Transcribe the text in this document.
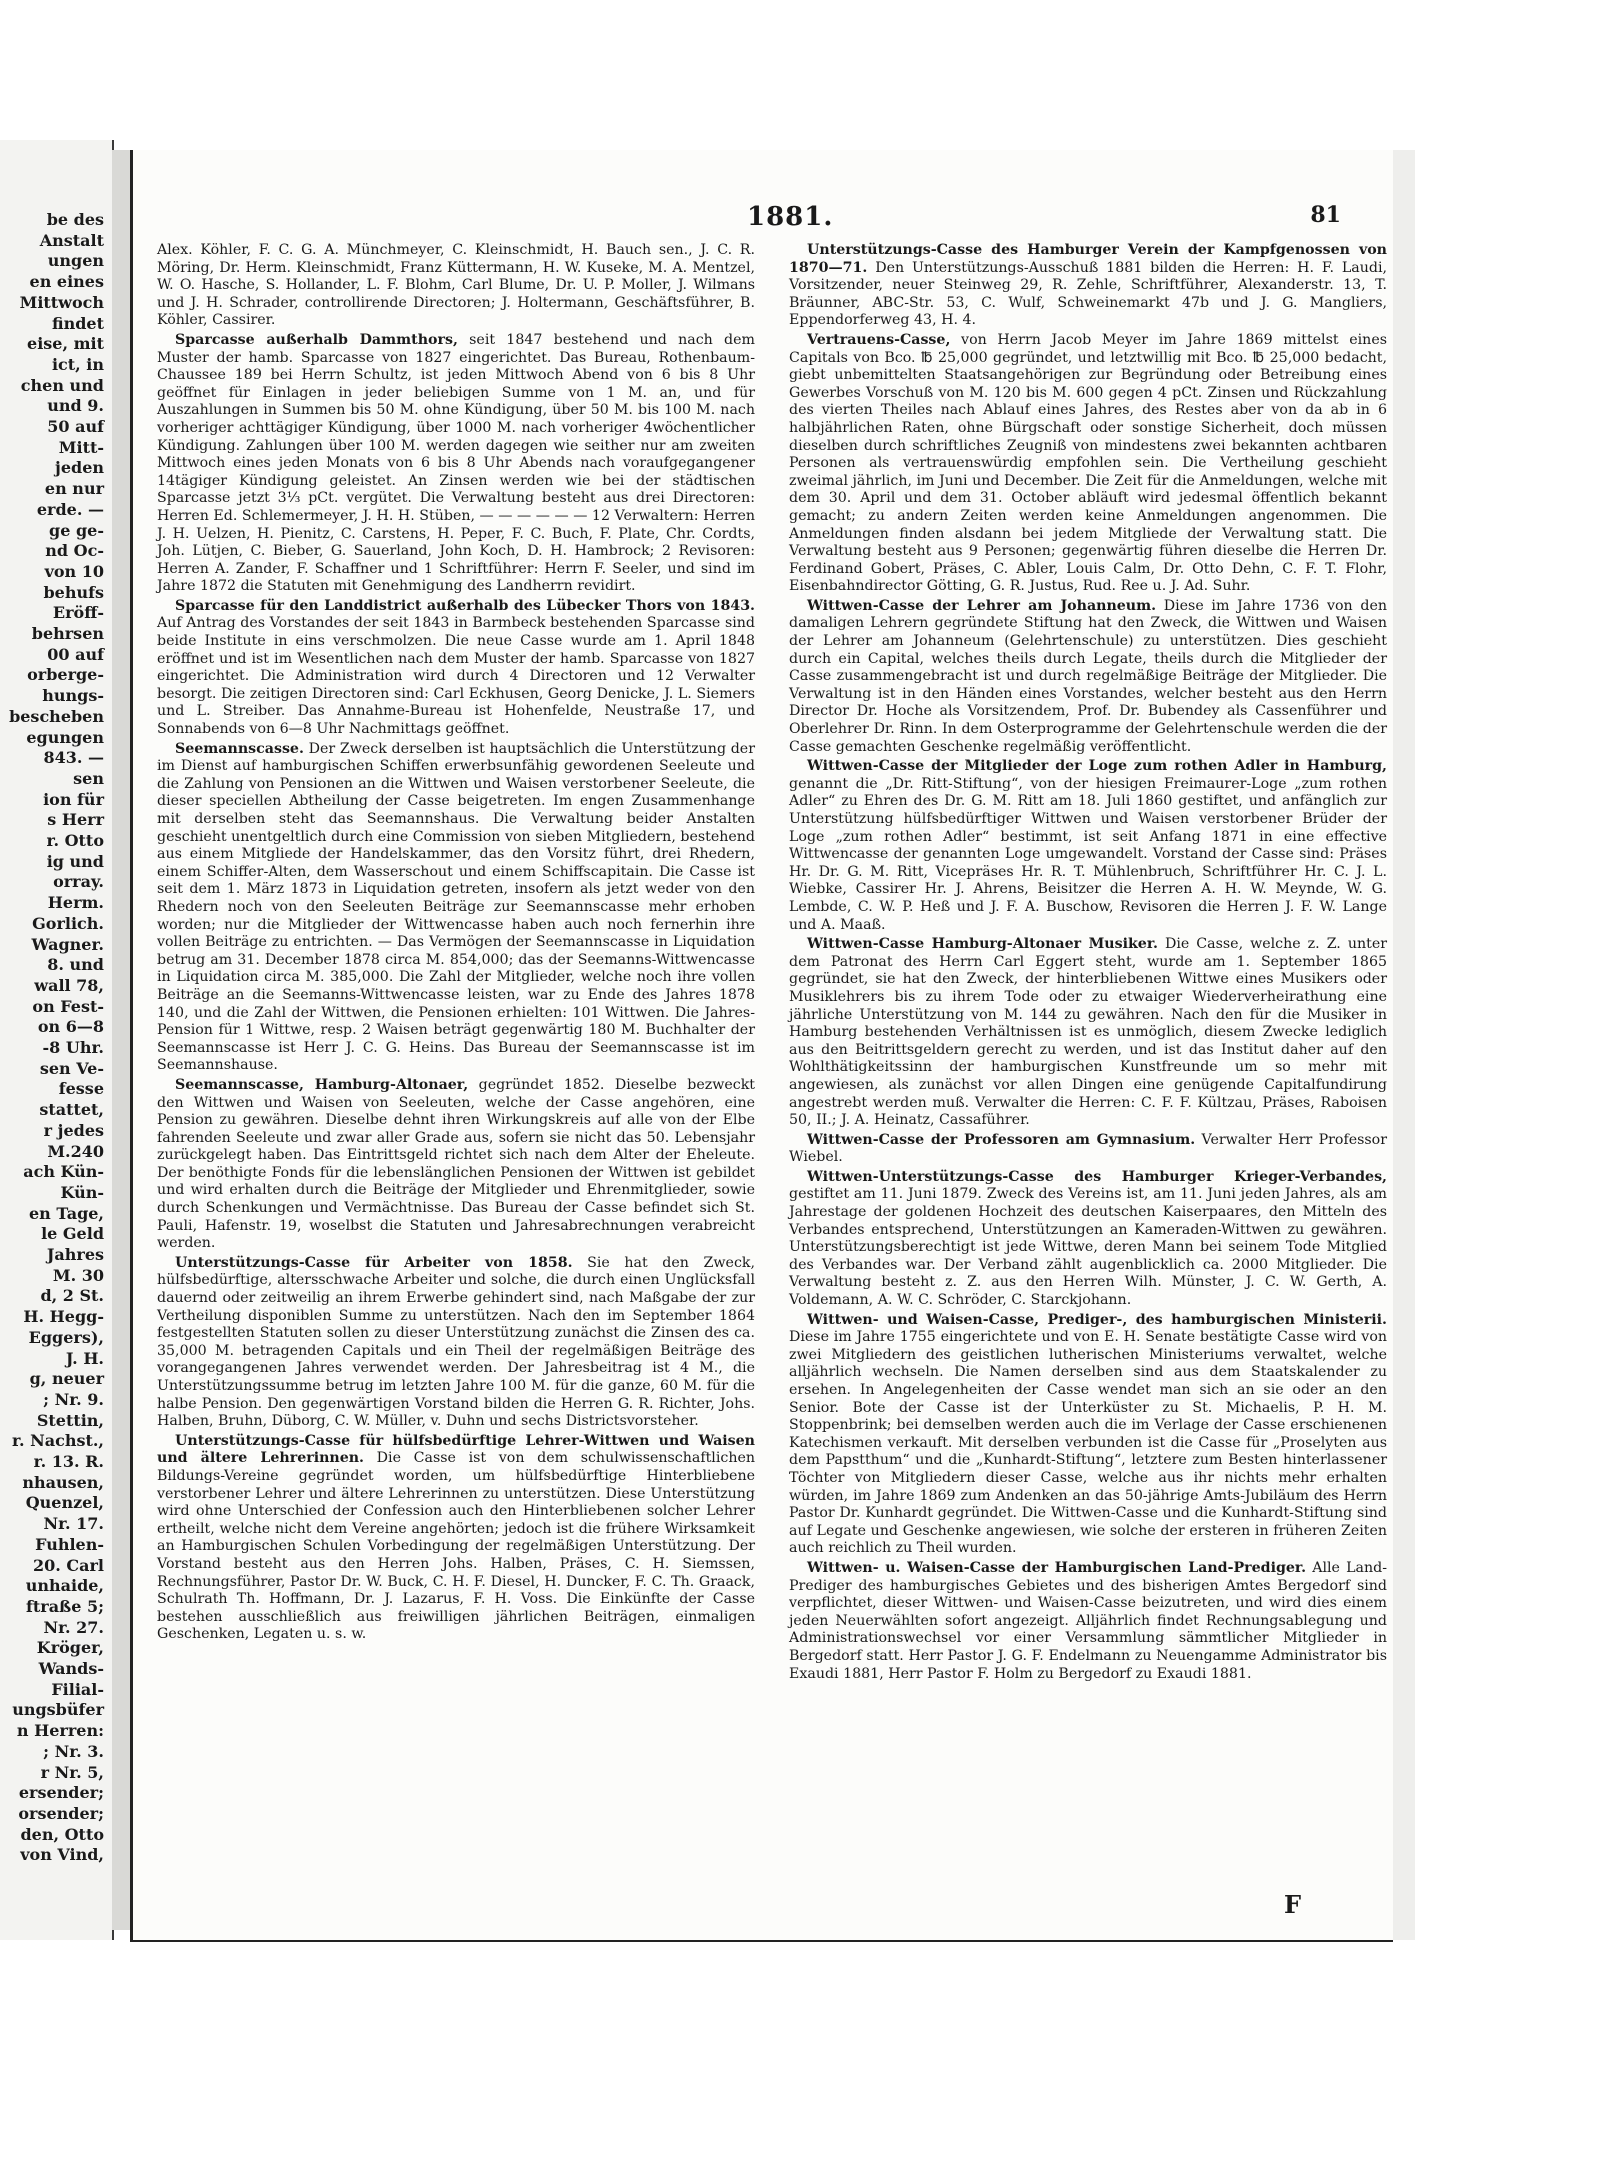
be des
Anstalt
ungen
en eines
Mittwoch
findet
eise, mit
ict, in
chen und
und 9.
50 auf
Mitt-
jeden
en nur
erde. —
ge ge-
nd Oc-
von 10
behufs
Eröff-
behrsen
00 auf
orberge-
hungs-
bescheben
egungen
843. —
sen
ion für
s Herr
r. Otto
ig und
orray.
Herm.
Gorlich.
Wagner.
8. und
wall 78,
on Fest-
on 6—8
-8 Uhr.
sen Ve-
fesse
stattet,
r jedes
M.240
ach Kün-
Kün-
en Tage,
le Geld
Jahres
M. 30
d, 2 St.
H. Hegg-
Eggers),
J. H.
g, neuer
; Nr. 9.
Stettin,
r. Nachst.,
r. 13. R.
nhausen,
Quenzel,
Nr. 17.
Fuhlen-
20. Carl
unhaide,
ftraße 5;
Nr. 27.
Kröger,
Wands-
Filial-
ungsbüfer
n Herren:
; Nr. 3.
r Nr. 5,
ersender;
orsender;
den, Otto
von Vind,
1881.	81

Alex. Köhler, F. C. G. A. Münchmeyer, C. Kleinschmidt, H. Bauch sen., J. C. R. Möring, Dr. Herm. Kleinschmidt, Franz Küttermann, H. W. Kuseke, M. A. Mentzel, W. O. Hasche, S. Hollander, L. F. Blohm, Carl Blume, Dr. U. P. Moller, J. Wilmans und J. H. Schrader, controllirende Directoren; J. Holtermann, Geschäftsführer, B. Köhler, Cassirer.

Sparcasse außerhalb Dammthors, seit 1847 bestehend und nach dem Muster der hamb. Sparcasse von 1827 eingerichtet. Das Bureau, Rothenbaum-Chaussee 189 bei Herrn Schultz, ist jeden Mittwoch Abend von 6 bis 8 Uhr geöffnet für Einlagen in jeder beliebigen Summe von 1 M. an, und für Auszahlungen in Summen bis 50 M. ohne Kündigung, über 50 M. bis 100 M. nach vorheriger achttägiger Kündigung, über 1000 M. nach vorheriger 4wöchentlicher Kündigung. Zahlungen über 100 M. werden dagegen wie seither nur am zweiten Mittwoch eines jeden Monats von 6 bis 8 Uhr Abends nach voraufgegangener 14tägiger Kündigung geleistet. An Zinsen werden wie bei der städtischen Sparcasse jetzt 3⅓ pCt. vergütet. Die Verwaltung besteht aus drei Directoren: Herren Ed. Schlemermeyer, J. H. H. Stüben, — — — — — — 12 Verwaltern: Herren J. H. Uelzen, H. Pienitz, C. Carstens, H. Peper, F. C. Buch, F. Plate, Chr. Cordts, Joh. Lütjen, C. Bieber, G. Sauerland, John Koch, D. H. Hambrock; 2 Revisoren: Herren A. Zander, F. Schaffner und 1 Schriftführer: Herrn F. Seeler, und sind im Jahre 1872 die Statuten mit Genehmigung des Landherrn revidirt.

Sparcasse für den Landdistrict außerhalb des Lübecker Thors von 1843. Auf Antrag des Vorstandes der seit 1843 in Barmbeck bestehenden Sparcasse sind beide Institute in eins verschmolzen. Die neue Casse wurde am 1. April 1848 eröffnet und ist im Wesentlichen nach dem Muster der hamb. Sparcasse von 1827 eingerichtet. Die Administration wird durch 4 Directoren und 12 Verwalter besorgt. Die zeitigen Directoren sind: Carl Eckhusen, Georg Denicke, J. L. Siemers und L. Streiber. Das Annahme-Bureau ist Hohenfelde, Neustraße 17, und Sonnabends von 6—8 Uhr Nachmittags geöffnet.

Seemannscasse. Der Zweck derselben ist hauptsächlich die Unterstützung der im Dienst auf hamburgischen Schiffen erwerbsunfähig gewordenen Seeleute und die Zahlung von Pensionen an die Wittwen und Waisen verstorbener Seeleute, die dieser speciellen Abtheilung der Casse beigetreten. Im engen Zusammenhange mit derselben steht das Seemannshaus. Die Verwaltung beider Anstalten geschieht unentgeltlich durch eine Commission von sieben Mitgliedern, bestehend aus einem Mitgliede der Handelskammer, das den Vorsitz führt, drei Rhedern, einem Schiffer-Alten, dem Wasserschout und einem Schiffscapitain. Die Casse ist seit dem 1. März 1873 in Liquidation getreten, insofern als jetzt weder von den Rhedern noch von den Seeleuten Beiträge zur Seemannscasse mehr erhoben worden; nur die Mitglieder der Wittwencasse haben auch noch fernerhin ihre vollen Beiträge zu entrichten. — Das Vermögen der Seemannscasse in Liquidation betrug am 31. December 1878 circa M. 854,000; das der Seemanns-Wittwencasse in Liquidation circa M. 385,000. Die Zahl der Mitglieder, welche noch ihre vollen Beiträge an die Seemanns-Wittwencasse leisten, war zu Ende des Jahres 1878 140, und die Zahl der Wittwen, die Pensionen erhielten: 101 Wittwen. Die Jahres-Pension für 1 Wittwe, resp. 2 Waisen beträgt gegenwärtig 180 M. Buchhalter der Seemannscasse ist Herr J. C. G. Heins. Das Bureau der Seemannscasse ist im Seemannshause.

Seemannscasse, Hamburg-Altonaer, gegründet 1852. Dieselbe bezweckt den Wittwen und Waisen von Seeleuten, welche der Casse angehören, eine Pension zu gewähren. Dieselbe dehnt ihren Wirkungskreis auf alle von der Elbe fahrenden Seeleute und zwar aller Grade aus, sofern sie nicht das 50. Lebensjahr zurückgelegt haben. Das Eintrittsgeld richtet sich nach dem Alter der Eheleute. Der benöthigte Fonds für die lebenslänglichen Pensionen der Wittwen ist gebildet und wird erhalten durch die Beiträge der Mitglieder und Ehrenmitglieder, sowie durch Schenkungen und Vermächtnisse. Das Bureau der Casse befindet sich St. Pauli, Hafenstr. 19, woselbst die Statuten und Jahresabrechnungen verabreicht werden.

Unterstützungs-Casse für Arbeiter von 1858. Sie hat den Zweck, hülfsbedürftige, altersschwache Arbeiter und solche, die durch einen Unglücksfall dauernd oder zeitweilig an ihrem Erwerbe gehindert sind, nach Maßgabe der zur Vertheilung disponiblen Summe zu unterstützen. Nach den im September 1864 festgestellten Statuten sollen zu dieser Unterstützung zunächst die Zinsen des ca. 35,000 M. betragenden Capitals und ein Theil der regelmäßigen Beiträge des vorangegangenen Jahres verwendet werden. Der Jahresbeitrag ist 4 M., die Unterstützungssumme betrug im letzten Jahre 100 M. für die ganze, 60 M. für die halbe Pension. Den gegenwärtigen Vorstand bilden die Herren G. R. Richter, Johs. Halben, Bruhn, Düborg, C. W. Müller, v. Duhn und sechs Districtsvorsteher.

Unterstützungs-Casse für hülfsbedürftige Lehrer-Wittwen und Waisen und ältere Lehrerinnen. Die Casse ist von dem schulwissenschaftlichen Bildungs-Vereine gegründet worden, um hülfsbedürftige Hinterbliebene verstorbener Lehrer und ältere Lehrerinnen zu unterstützen. Diese Unterstützung wird ohne Unterschied der Confession auch den Hinterbliebenen solcher Lehrer ertheilt, welche nicht dem Vereine angehörten; jedoch ist die frühere Wirksamkeit an Hamburgischen Schulen Vorbedingung der regelmäßigen Unterstützung. Der Vorstand besteht aus den Herren Johs. Halben, Präses, C. H. Siemssen, Rechnungsführer, Pastor Dr. W. Buck, C. H. F. Diesel, H. Duncker, F. C. Th. Graack, Schulrath Th. Hoffmann, Dr. J. Lazarus, F. H. Voss. Die Einkünfte der Casse bestehen ausschließlich aus freiwilligen jährlichen Beiträgen, einmaligen Geschenken, Legaten u. s. w.

Unterstützungs-Casse des Hamburger Verein der Kampfgenossen von 1870—71. Den Unterstützungs-Ausschuß 1881 bilden die Herren: H. F. Laudi, Vorsitzender, neuer Steinweg 29, R. Zehle, Schriftführer, Alexanderstr. 13, T. Bräunner, ABC-Str. 53, C. Wulf, Schweinemarkt 47b und J. G. Mangliers, Eppendorferweg 43, H. 4.

Vertrauens-Casse, von Herrn Jacob Meyer im Jahre 1869 mittelst eines Capitals von Bco. ℔ 25,000 gegründet, und letztwillig mit Bco. ℔ 25,000 bedacht, giebt unbemittelten Staatsangehörigen zur Begründung oder Betreibung eines Gewerbes Vorschuß von M. 120 bis M. 600 gegen 4 pCt. Zinsen und Rückzahlung des vierten Theiles nach Ablauf eines Jahres, des Restes aber von da ab in 6 halbjährlichen Raten, ohne Bürgschaft oder sonstige Sicherheit, doch müssen dieselben durch schriftliches Zeugniß von mindestens zwei bekannten achtbaren Personen als vertrauenswürdig empfohlen sein. Die Vertheilung geschieht zweimal jährlich, im Juni und December. Die Zeit für die Anmeldungen, welche mit dem 30. April und dem 31. October abläuft wird jedesmal öffentlich bekannt gemacht; zu andern Zeiten werden keine Anmeldungen angenommen. Die Anmeldungen finden alsdann bei jedem Mitgliede der Verwaltung statt. Die Verwaltung besteht aus 9 Personen; gegenwärtig führen dieselbe die Herren Dr. Ferdinand Gobert, Präses, C. Abler, Louis Calm, Dr. Otto Dehn, C. F. T. Flohr, Eisenbahndirector Götting, G. R. Justus, Rud. Ree u. J. Ad. Suhr.

Wittwen-Casse der Lehrer am Johanneum. Diese im Jahre 1736 von den damaligen Lehrern gegründete Stiftung hat den Zweck, die Wittwen und Waisen der Lehrer am Johanneum (Gelehrtenschule) zu unterstützen. Dies geschieht durch ein Capital, welches theils durch Legate, theils durch die Mitglieder der Casse zusammengebracht ist und durch regelmäßige Beiträge der Mitglieder. Die Verwaltung ist in den Händen eines Vorstandes, welcher besteht aus den Herrn Director Dr. Hoche als Vorsitzendem, Prof. Dr. Bubendey als Cassenführer und Oberlehrer Dr. Rinn. In dem Osterprogramme der Gelehrtenschule werden die der Casse gemachten Geschenke regelmäßig veröffentlicht.

Wittwen-Casse der Mitglieder der Loge zum rothen Adler in Hamburg, genannt die „Dr. Ritt-Stiftung“, von der hiesigen Freimaurer-Loge „zum rothen Adler“ zu Ehren des Dr. G. M. Ritt am 18. Juli 1860 gestiftet, und anfänglich zur Unterstützung hülfsbedürftiger Wittwen und Waisen verstorbener Brüder der Loge „zum rothen Adler“ bestimmt, ist seit Anfang 1871 in eine effective Wittwencasse der genannten Loge umgewandelt. Vorstand der Casse sind: Präses Hr. Dr. G. M. Ritt, Vicepräses Hr. R. T. Mühlenbruch, Schriftführer Hr. C. J. L. Wiebke, Cassirer Hr. J. Ahrens, Beisitzer die Herren A. H. W. Meynde, W. G. Lembde, C. W. P. Heß und J. F. A. Buschow, Revisoren die Herren J. F. W. Lange und A. Maaß.

Wittwen-Casse Hamburg-Altonaer Musiker. Die Casse, welche z. Z. unter dem Patronat des Herrn Carl Eggert steht, wurde am 1. September 1865 gegründet, sie hat den Zweck, der hinterbliebenen Wittwe eines Musikers oder Musiklehrers bis zu ihrem Tode oder zu etwaiger Wiederverheirathung eine jährliche Unterstützung von M. 144 zu gewähren. Nach den für die Musiker in Hamburg bestehenden Verhältnissen ist es unmöglich, diesem Zwecke lediglich aus den Beitrittsgeldern gerecht zu werden, und ist das Institut daher auf den Wohlthätigkeitssinn der hamburgischen Kunstfreunde um so mehr mit angewiesen, als zunächst vor allen Dingen eine genügende Capitalfundirung angestrebt werden muß. Verwalter die Herren: C. F. F. Kültzau, Präses, Raboisen 50, II.; J. A. Heinatz, Cassaführer.

Wittwen-Casse der Professoren am Gymnasium. Verwalter Herr Professor Wiebel.

Wittwen-Unterstützungs-Casse des Hamburger Krieger-Verbandes, gestiftet am 11. Juni 1879. Zweck des Vereins ist, am 11. Juni jeden Jahres, als am Jahrestage der goldenen Hochzeit des deutschen Kaiserpaares, den Mitteln des Verbandes entsprechend, Unterstützungen an Kameraden-Wittwen zu gewähren. Unterstützungsberechtigt ist jede Wittwe, deren Mann bei seinem Tode Mitglied des Verbandes war. Der Verband zählt augenblicklich ca. 2000 Mitglieder. Die Verwaltung besteht z. Z. aus den Herren Wilh. Münster, J. C. W. Gerth, A. Voldemann, A. W. C. Schröder, C. Starckjohann.

Wittwen- und Waisen-Casse, Prediger-, des hamburgischen Ministerii. Diese im Jahre 1755 eingerichtete und von E. H. Senate bestätigte Casse wird von zwei Mitgliedern des geistlichen lutherischen Ministeriums verwaltet, welche alljährlich wechseln. Die Namen derselben sind aus dem Staatskalender zu ersehen. In Angelegenheiten der Casse wendet man sich an sie oder an den Senior. Bote der Casse ist der Unterküster zu St. Michaelis, P. H. M. Stoppenbrink; bei demselben werden auch die im Verlage der Casse erschienenen Katechismen verkauft. Mit derselben verbunden ist die Casse für „Proselyten aus dem Papstthum“ und die „Kunhardt-Stiftung“, letztere zum Besten hinterlassener Töchter von Mitgliedern dieser Casse, welche aus ihr nichts mehr erhalten würden, im Jahre 1869 zum Andenken an das 50-jährige Amts-Jubiläum des Herrn Pastor Dr. Kunhardt gegründet. Die Wittwen-Casse und die Kunhardt-Stiftung sind auf Legate und Geschenke angewiesen, wie solche der ersteren in früheren Zeiten auch reichlich zu Theil wurden.

Wittwen- u. Waisen-Casse der Hamburgischen Land-Prediger. Alle Land-Prediger des hamburgisches Gebietes und des bisherigen Amtes Bergedorf sind verpflichtet, dieser Wittwen- und Waisen-Casse beizutreten, und wird dies einem jeden Neuerwählten sofort angezeigt. Alljährlich findet Rechnungsablegung und Administrationswechsel vor einer Versammlung sämmtlicher Mitglieder in Bergedorf statt. Herr Pastor J. G. F. Endelmann zu Neuengamme Administrator bis Exaudi 1881, Herr Pastor F. Holm zu Bergedorf zu Exaudi 1881.

F
